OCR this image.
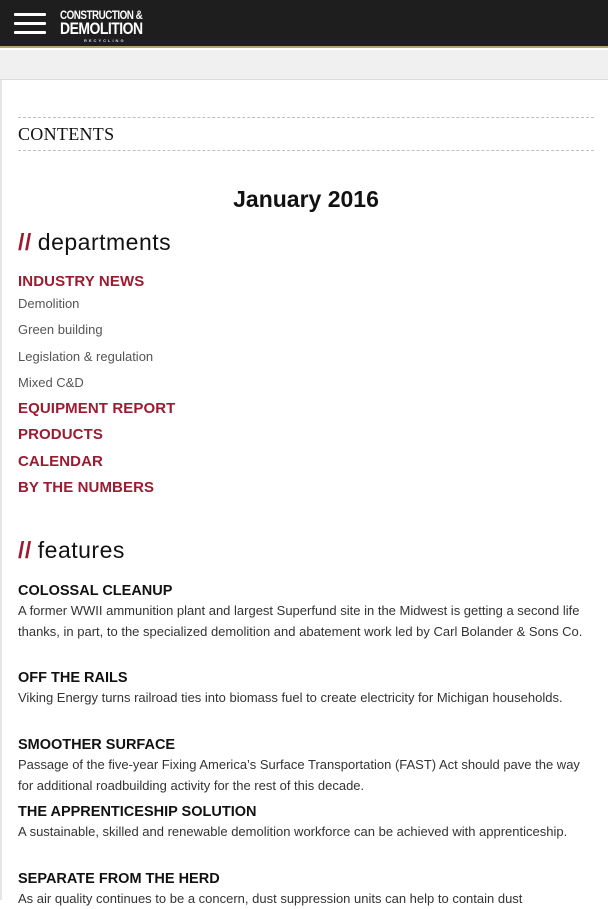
CONSTRUCTION &
DEMOLITION
RECYCLING
CONTENTS
January 2016
// departments
INDUSTRY NEWS
Demolition
Green building
Legislation & regulation
Mixed C&D
EQUIPMENT REPORT
PRODUCTS
CALENDAR
BY THE NUMBERS
// features
COLOSSAL CLEANUP
A former WWII ammunition plant and largest Superfund site in the Midwest is getting a second life thanks, in part, to the specialized demolition and abatement work led by Carl Bolander & Sons Co.
OFF THE RAILS
Viking Energy turns railroad ties into biomass fuel to create electricity for Michigan households.
SMOOTHER SURFACE
Passage of the five-year Fixing America’s Surface Transportation (FAST) Act should pave the way for additional roadbuilding activity for the rest of this decade.
THE APPRENTICESHIP SOLUTION
A sustainable, skilled and renewable demolition workforce can be achieved with apprenticeship.
SEPARATE FROM THE HERD
As air quality continues to be a concern, dust suppression units can help to contain dust
